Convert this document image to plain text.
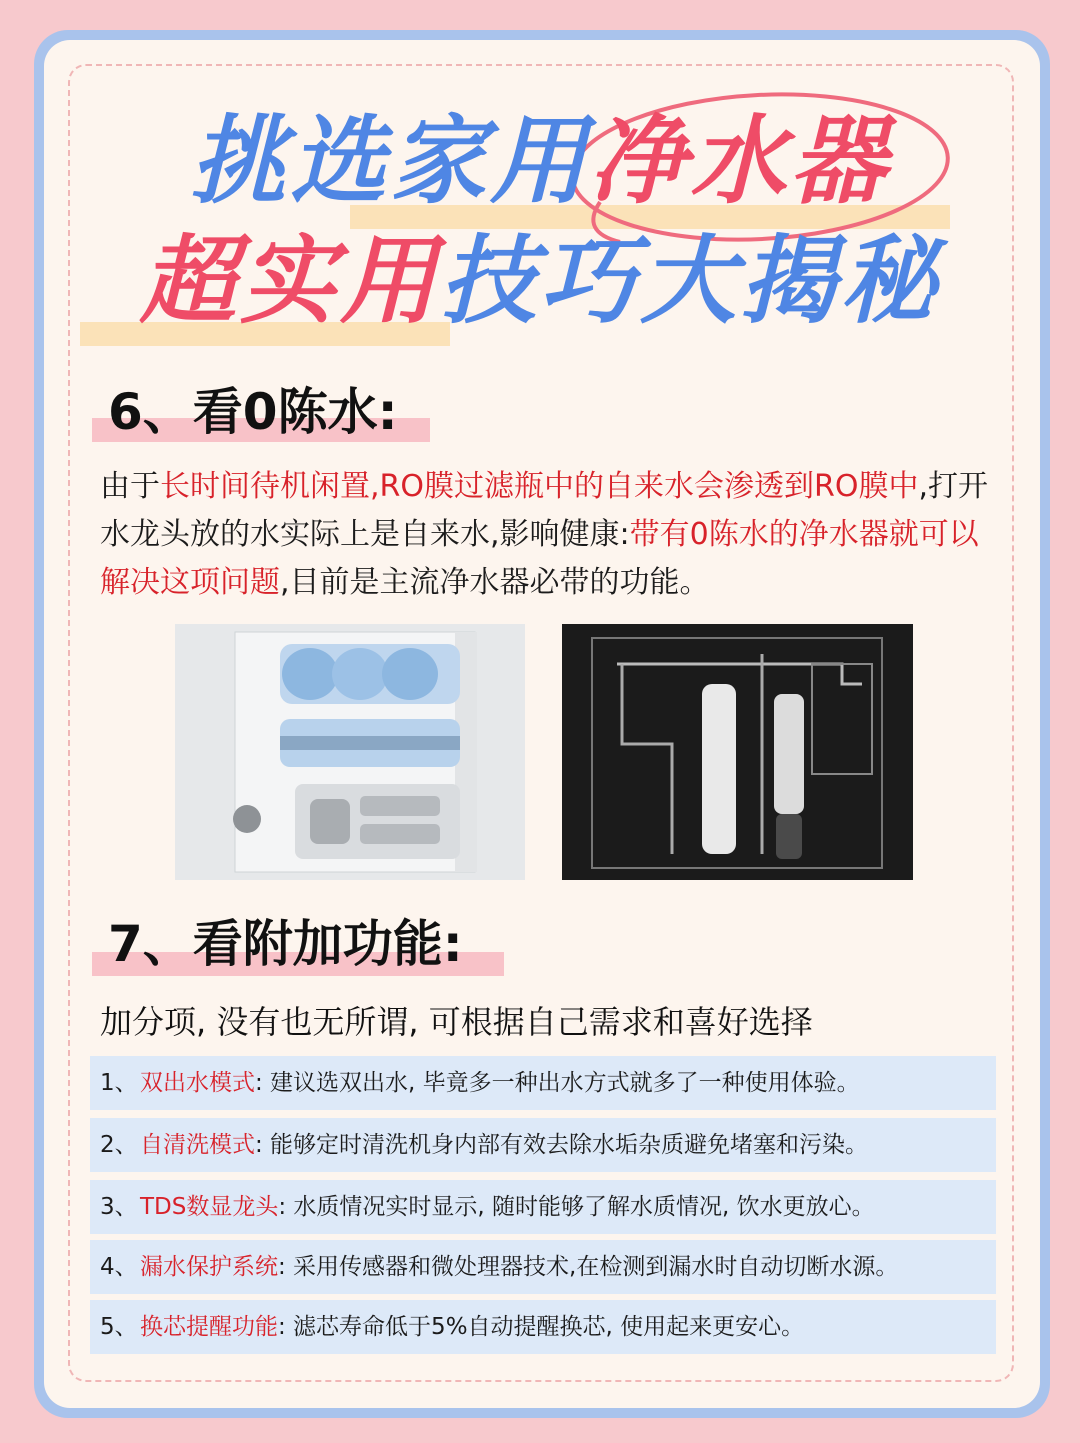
挑选家用净水器
超实用技巧大揭秘
6、看0陈水:
由于长时间待机闲置,RO膜过滤瓶中的自来水会渗透到RO膜中,打开水龙头放的水实际上是自来水,影响健康:带有0陈水的净水器就可以解决这项问题,目前是主流净水器必带的功能。
7、看附加功能:
加分项, 没有也无所谓, 可根据自己需求和喜好选择
1、 双出水模式: 建议选双出水, 毕竟多一种出水方式就多了一种使用体验。
2、 自清洗模式: 能够定时清洗机身内部有效去除水垢杂质避免堵塞和污染。
3、 TDS数显龙头: 水质情况实时显示, 随时能够了解水质情况, 饮水更放心。
4、 漏水保护系统: 采用传感器和微处理器技术,在检测到漏水时自动切断水源。
5、 换芯提醒功能: 滤芯寿命低于5%自动提醒换芯, 使用起来更安心。
